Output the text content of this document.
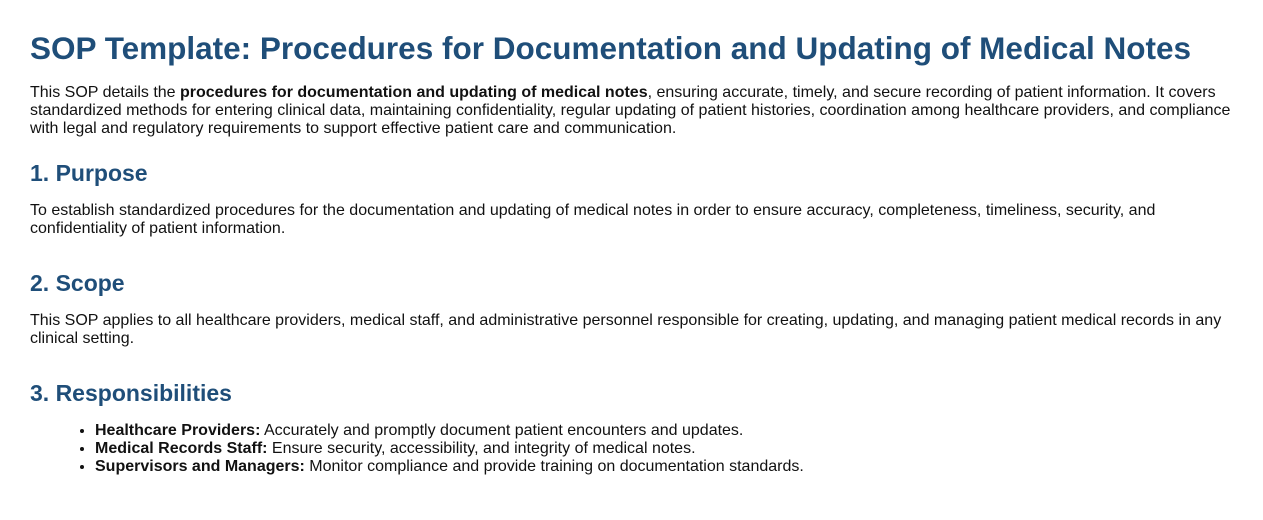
SOP Template: Procedures for Documentation and Updating of Medical Notes

This SOP details the procedures for documentation and updating of medical notes, ensuring accurate, timely, and secure recording of patient information. It covers standardized methods for entering clinical data, maintaining confidentiality, regular updating of patient histories, coordination among healthcare providers, and compliance with legal and regulatory requirements to support effective patient care and communication.

1. Purpose

To establish standardized procedures for the documentation and updating of medical notes in order to ensure accuracy, completeness, timeliness, security, and confidentiality of patient information.

2. Scope

This SOP applies to all healthcare providers, medical staff, and administrative personnel responsible for creating, updating, and managing patient medical records in any clinical setting.

3. Responsibilities
• Healthcare Providers: Accurately and promptly document patient encounters and updates.
• Medical Records Staff: Ensure security, accessibility, and integrity of medical notes.
• Supervisors and Managers: Monitor compliance and provide training on documentation standards.
